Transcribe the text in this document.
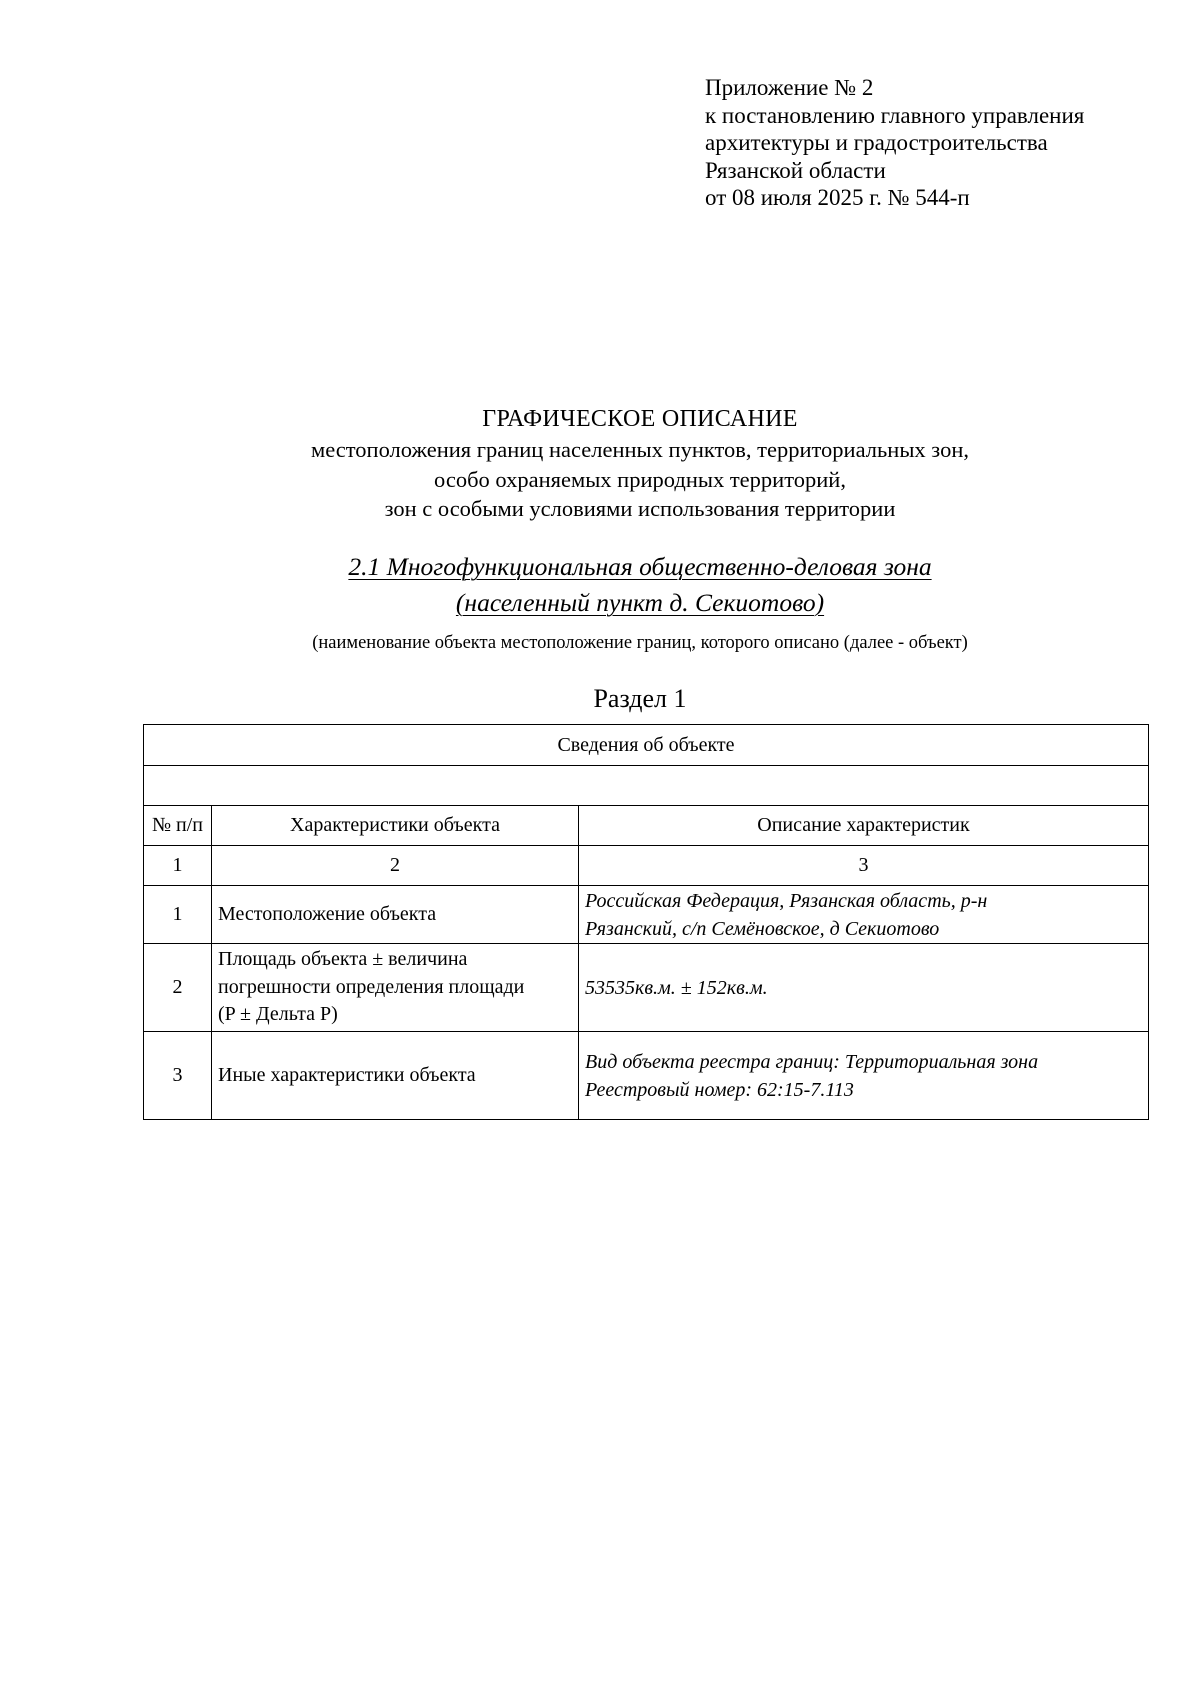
Приложение № 2
к постановлению главного управления
архитектуры и градостроительства
Рязанской области
от 08 июля 2025 г. № 544-п
ГРАФИЧЕСКОЕ ОПИСАНИЕ
местоположения границ населенных пунктов, территориальных зон,
особо охраняемых природных территорий,
зон с особыми условиями использования территории
2.1 Многофункциональная общественно-деловая зона
(населенный пункт д. Секиотово)
(наименование объекта местоположение границ, которого описано (далее - объект)
Раздел 1
Сведения об объекте		

№ п/п	Характеристики объекта	Описание характеристик
1	2	3
1	Местоположение объекта	Российская Федерация, Рязанская область, р-н
Рязанский, с/п Семёновское, д Секиотово

2	Площадь объекта ± величина
погрешности определения площади
(P ± Дельта P)	53535кв.м. ± 152кв.м.

3	Иные характеристики объекта	Вид объекта реестра границ: Территориальная зона
Реестровый номер: 62:15-7.113
